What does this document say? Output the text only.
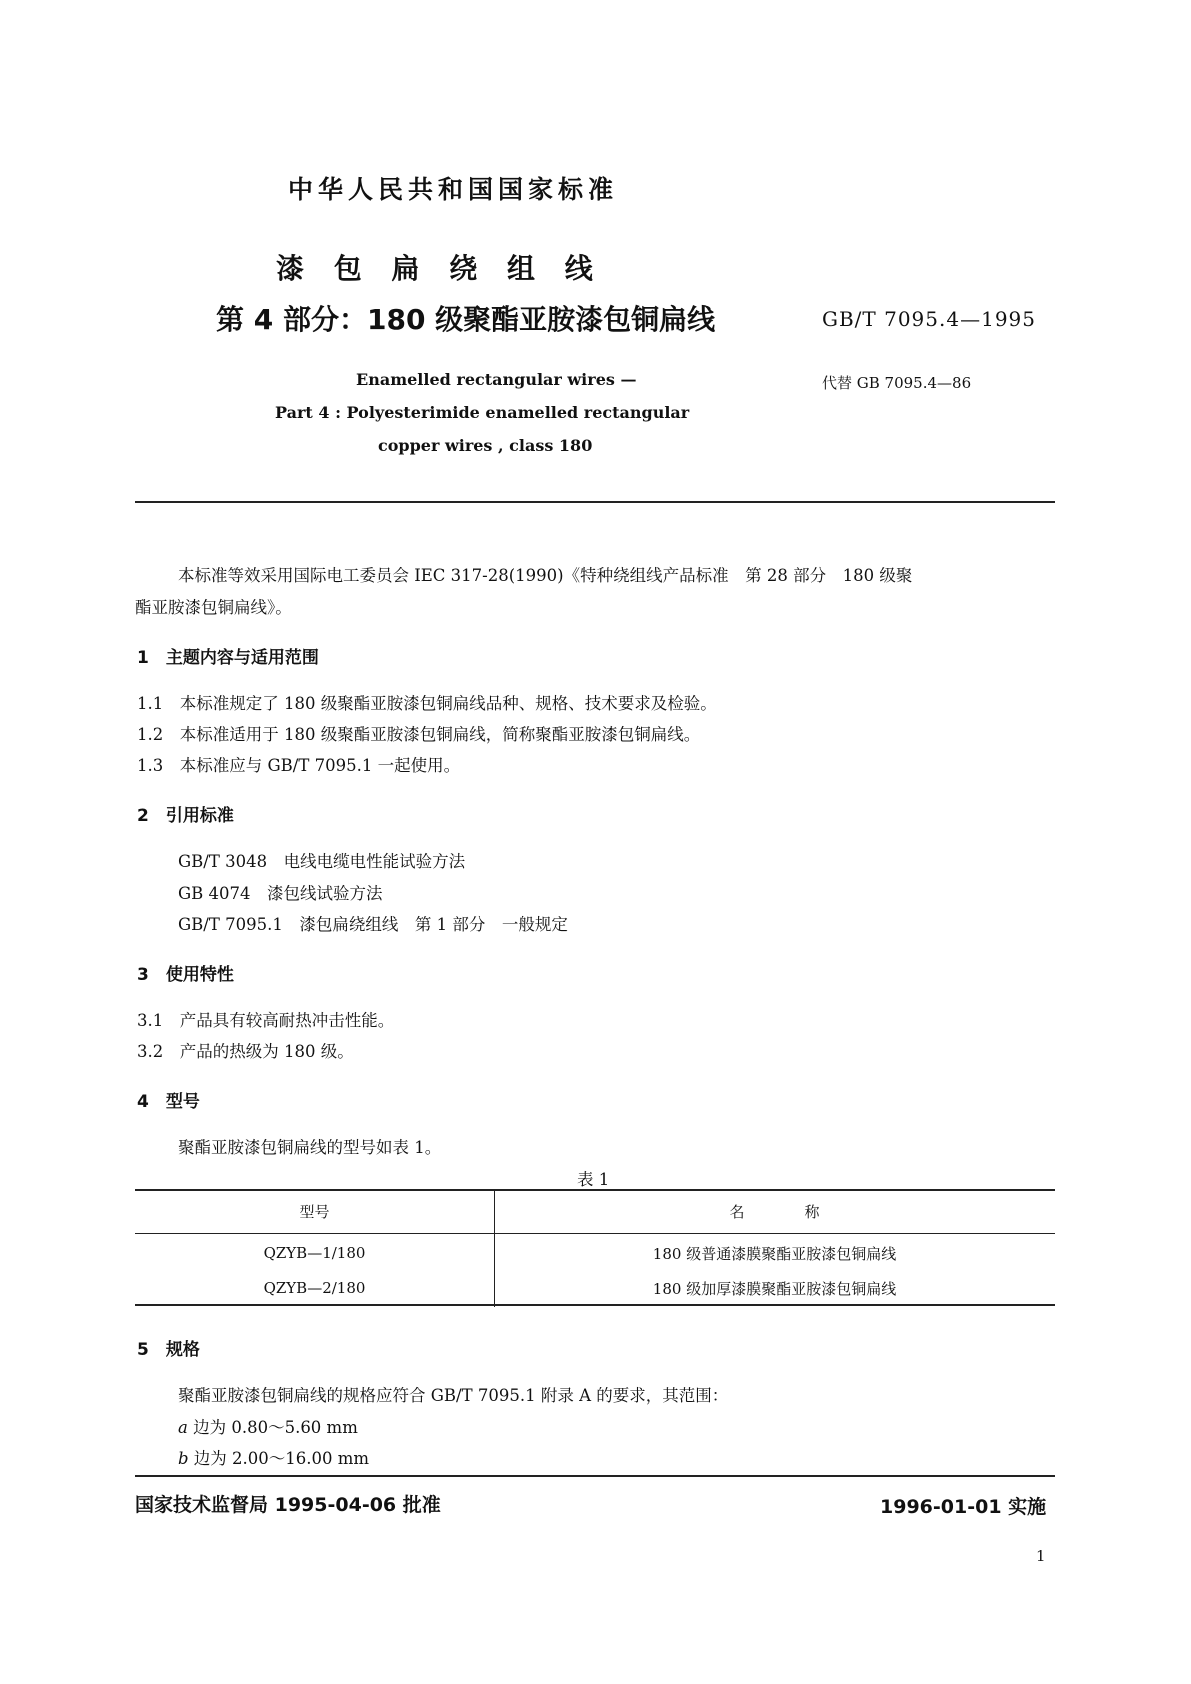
中华人民共和国国家标准
漆 包 扁 绕 组 线
第 4 部分：180 级聚酯亚胺漆包铜扁线	GB/T 7095.4—1995
代替 GB 7095.4—86
Enamelled rectangular wires —
Part 4 : Polyesterimide enamelled rectangular
copper wires , class 180
本标准等效采用国际电工委员会 IEC 317-28(1990)《特种绕组线产品标准　第 28 部分　180 级聚
酯亚胺漆包铜扁线》。
1　主题内容与适用范围
1.1　本标准规定了 180 级聚酯亚胺漆包铜扁线品种、规格、技术要求及检验。
1.2　本标准适用于 180 级聚酯亚胺漆包铜扁线，简称聚酯亚胺漆包铜扁线。
1.3　本标准应与 GB/T 7095.1 一起使用。
2　引用标准
GB/T 3048　电线电缆电性能试验方法
GB 4074　漆包线试验方法
GB/T 7095.1　漆包扁绕组线　第 1 部分　一般规定
3　使用特性
3.1　产品具有较高耐热冲击性能。
3.2　产品的热级为 180 级。
4　型号
聚酯亚胺漆包铜扁线的型号如表 1。
表 1
型号	名　　　　称
QZYB—1/180	180 级普通漆膜聚酯亚胺漆包铜扁线
QZYB—2/180	180 级加厚漆膜聚酯亚胺漆包铜扁线
5　规格
聚酯亚胺漆包铜扁线的规格应符合 GB/T 7095.1 附录 A 的要求，其范围：
a 边为 0.80～5.60 mm
b 边为 2.00～16.00 mm
国家技术监督局 1995-04-06 批准	1996-01-01 实施
1
